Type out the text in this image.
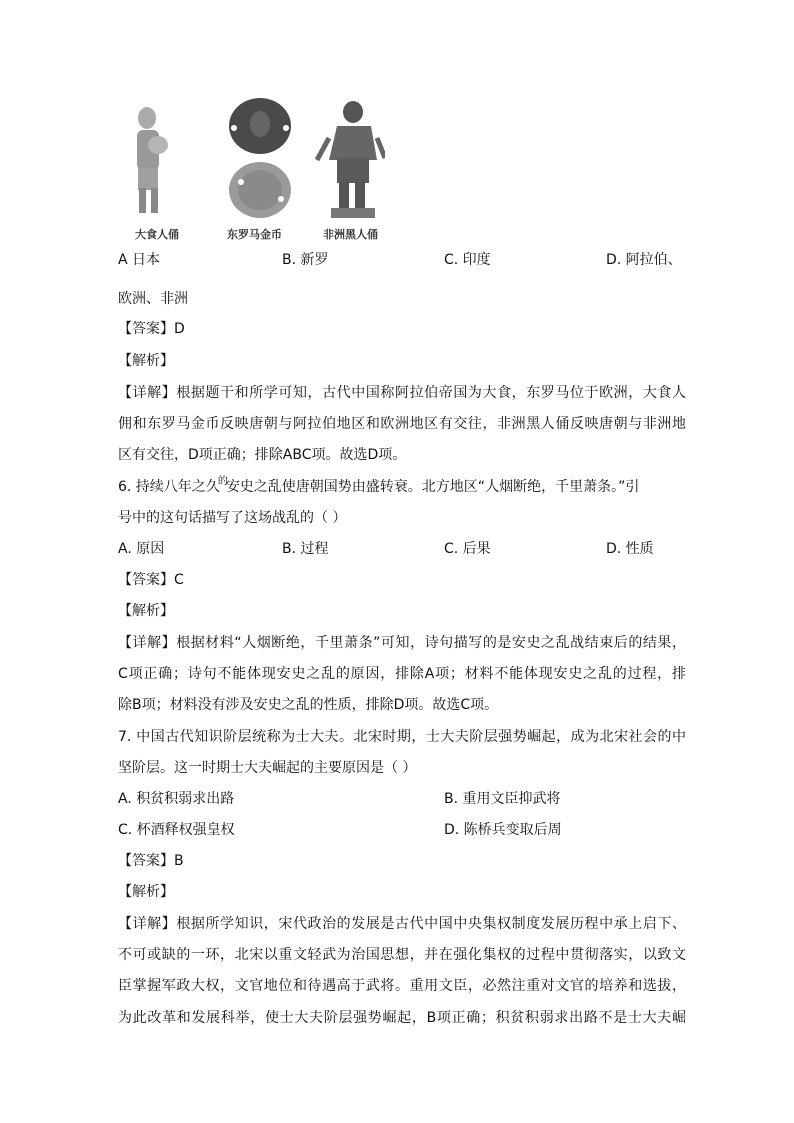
大食人俑	东罗马金币	非洲黑人俑
A 日本	B. 新罗	C. 印度	D. 阿拉伯、
欧洲、非洲
【答案】D
【解析】
【详解】根据题干和所学可知，古代中国称阿拉伯帝国为大食，东罗马位于欧洲，大食人
佣和东罗马金币反映唐朝与阿拉伯地区和欧洲地区有交往，非洲黑人俑反映唐朝与非洲地
区有交往，D项正确；排除ABC项。故选D项。
6. 持续八年之久$^的$安史之乱使唐朝国势由盛转衰。北方地区“人烟断绝，千里萧条。”引
号中的这句话描写了这场战乱的（ ）
A. 原因	B. 过程	C. 后果	D. 性质
【答案】C
【解析】
【详解】根据材料“人烟断绝，千里萧条”可知，诗句描写的是安史之乱战结束后的结果，
C项正确；诗句不能体现安史之乱的原因，排除A项；材料不能体现安史之乱的过程，排
除B项；材料没有涉及安史之乱的性质，排除D项。故选C项。
7. 中国古代知识阶层统称为士大夫。北宋时期，士大夫阶层强势崛起，成为北宋社会的中
坚阶层。这一时期士大夫崛起的主要原因是（ ）
A. 积贫积弱求出路	B. 重用文臣抑武将
C. 杯酒释权强皇权	D. 陈桥兵变取后周
【答案】B
【解析】
【详解】根据所学知识，宋代政治的发展是古代中国中央集权制度发展历程中承上启下、
不可或缺的一环，北宋以重文轻武为治国思想，并在强化集权的过程中贯彻落实，以致文
臣掌握军政大权，文官地位和待遇高于武将。重用文臣，必然注重对文官的培养和选拔，
为此改革和发展科举，使士大夫阶层强势崛起，B项正确；积贫积弱求出路不是士大夫崛
